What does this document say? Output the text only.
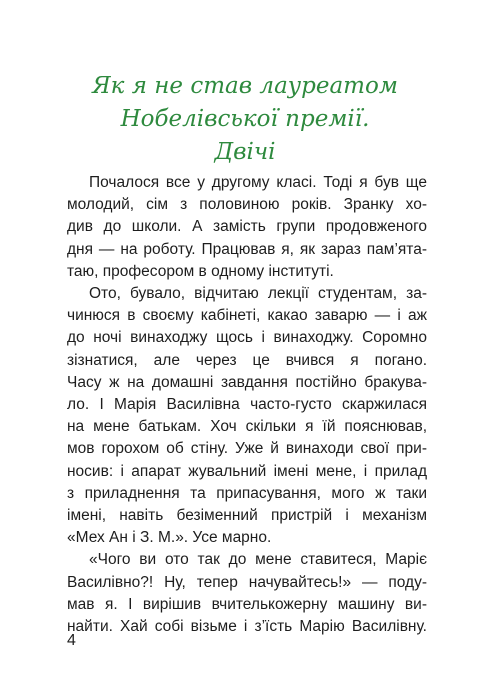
Як я не став лауреатом
Нобелівської премії.
Двічі

Почалося все у другому класі. Тоді я був ще
молодий, сім з половиною років. Зранку хо-
див до школи. А замість групи продовженого
дня — на роботу. Працював я, як зараз пам’ята-
таю, професором в одному інституті.

Ото, бувало, відчитаю лекції студентам, за-
чинюся в своєму кабінеті, какао заварю — і аж
до ночі винаходжу щось і винаходжу. Соромно
зізнатися, але через це вчився я погано.
Часу ж на домашні завдання постійно бракува-
ло. І Марія Василівна часто-густо скаржилася
на мене батькам. Хоч скільки я їй пояснював,
мов горохом об стіну. Уже й винаходи свої при-
носив: і апарат жувальний імені мене, і прилад
з приладнення та припасування, мого ж таки
імені, навіть безіменний пристрій і механізм
«Мех Ан і З. М.». Усе марно.

«Чого ви ото так до мене ставитеся, Маріє
Василівно?! Ну, тепер начувайтесь!» — поду-
мав я. І вирішив вчителькожерну машину ви-
найти. Хай собі візьме і з’їсть Марію Василівну.

4
